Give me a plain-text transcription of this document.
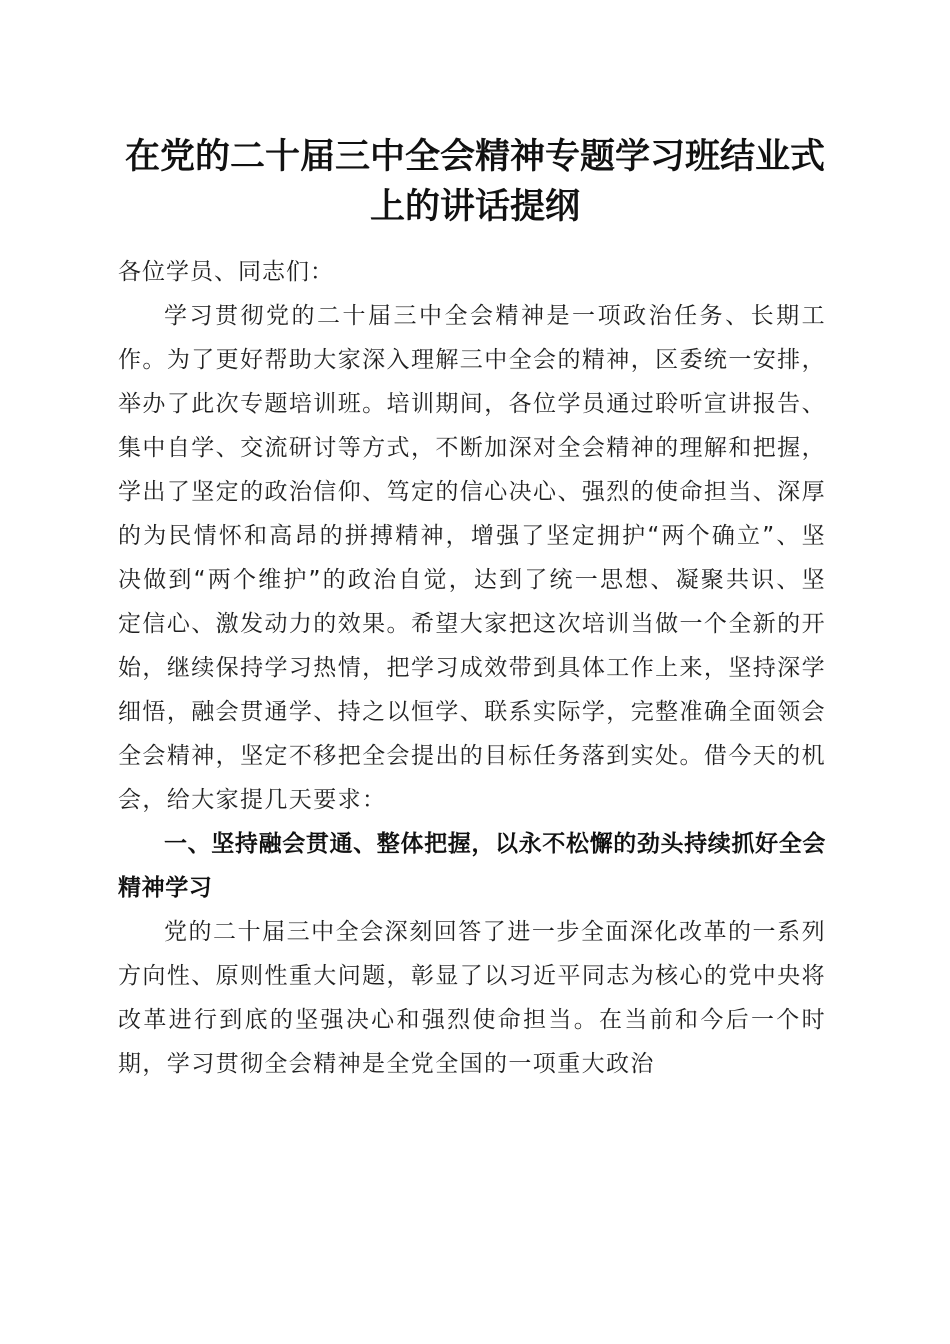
在党的二十届三中全会精神专题学习班结业式
上的讲话提纲

各位学员、同志们：

学习贯彻党的二十届三中全会精神是一项政治任务、长期工作。为了更好帮助大家深入理解三中全会的精神，区委统一安排，举办了此次专题培训班。培训期间，各位学员通过聆听宣讲报告、集中自学、交流研讨等方式，不断加深对全会精神的理解和把握，学出了坚定的政治信仰、笃定的信心决心、强烈的使命担当、深厚的为民情怀和高昂的拼搏精神，增强了坚定拥护“两个确立”、坚决做到“两个维护”的政治自觉，达到了统一思想、凝聚共识、坚定信心、激发动力的效果。希望大家把这次培训当做一个全新的开始，继续保持学习热情，把学习成效带到具体工作上来，坚持深学细悟，融会贯通学、持之以恒学、联系实际学，完整准确全面领会全会精神，坚定不移把全会提出的目标任务落到实处。借今天的机会，给大家提几天要求：

一、坚持融会贯通、整体把握，以永不松懈的劲头持续抓好全会精神学习

党的二十届三中全会深刻回答了进一步全面深化改革的一系列方向性、原则性重大问题，彰显了以习近平同志为核心的党中央将改革进行到底的坚强决心和强烈使命担当。在当前和今后一个时期，学习贯彻全会精神是全党全国的一项重大政治
